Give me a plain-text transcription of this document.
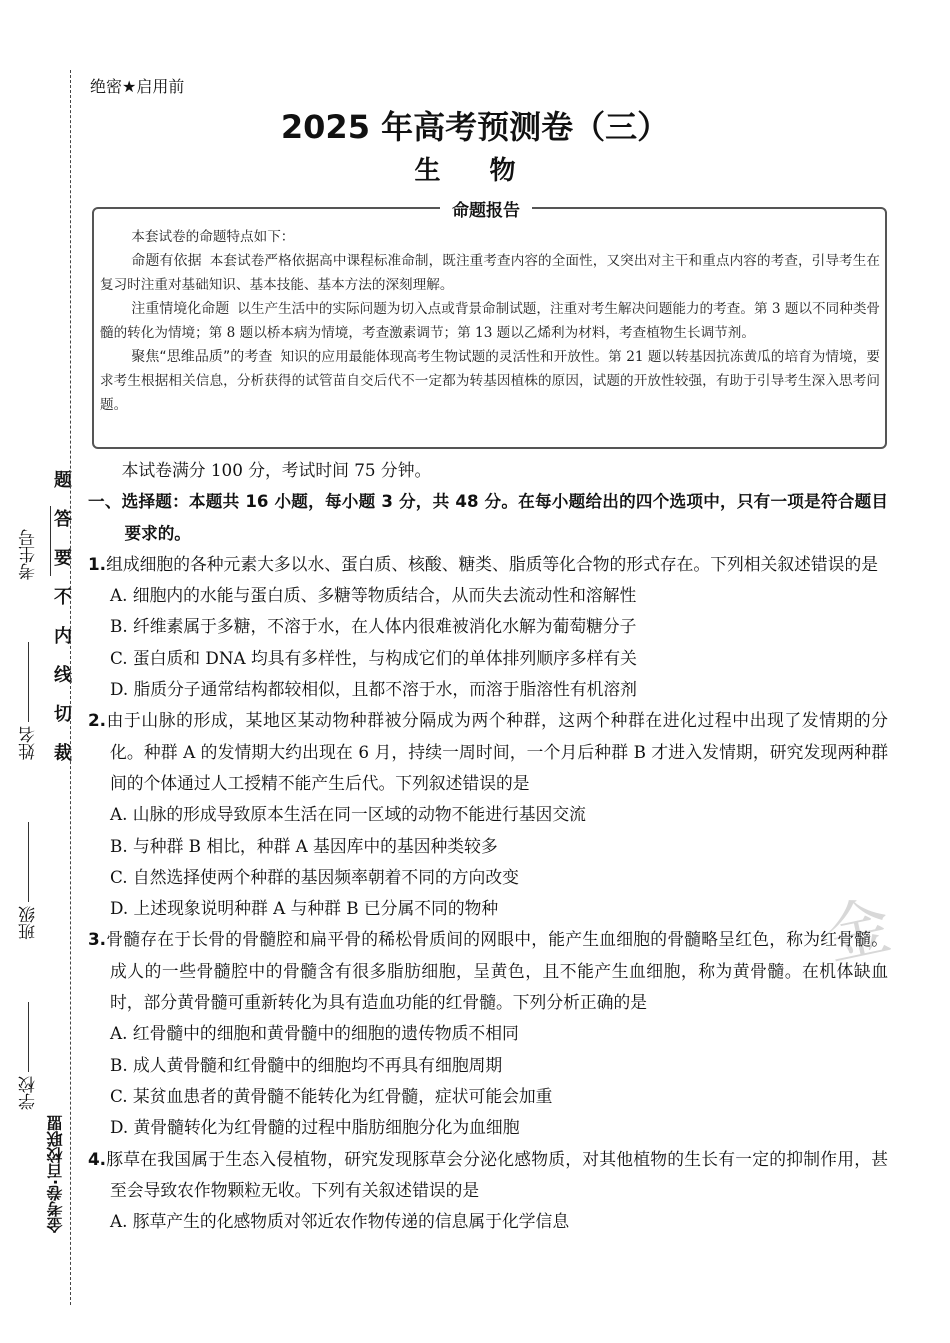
考生号
姓名
班级
学校
题答要不内线切裁
金考卷·百校联盟
金
绝密★启用前
2025 年高考预测卷（三）
生 物
命题报告

本套试卷的命题特点如下：

命题有依据 本套试卷严格依据高中课程标准命制，既注重考查内容的全面性，又突出对主干和重点内容的考查，引导考生在复习时注重对基础知识、基本技能、基本方法的深刻理解。

注重情境化命题 以生产生活中的实际问题为切入点或背景命制试题，注重对考生解决问题能力的考查。第 3 题以不同种类骨髓的转化为情境；第 8 题以桥本病为情境，考查激素调节；第 13 题以乙烯利为材料，考查植物生长调节剂。

聚焦“思维品质”的考查 知识的应用最能体现高考生物试题的灵活性和开放性。第 21 题以转基因抗冻黄瓜的培育为情境，要求考生根据相关信息，分析获得的试管苗自交后代不一定都为转基因植株的原因，试题的开放性较强，有助于引导考生深入思考问题。

本试卷满分 100 分，考试时间 75 分钟。

一、选择题：本题共 16 小题，每小题 3 分，共 48 分。在每小题给出的四个选项中，只有一项是符合题目要求的。

1.组成细胞的各种元素大多以水、蛋白质、核酸、糖类、脂质等化合物的形式存在。下列相关叙述错误的是

A. 细胞内的水能与蛋白质、多糖等物质结合，从而失去流动性和溶解性

B. 纤维素属于多糖，不溶于水，在人体内很难被消化水解为葡萄糖分子

C. 蛋白质和 DNA 均具有多样性，与构成它们的单体排列顺序多样有关

D. 脂质分子通常结构都较相似，且都不溶于水，而溶于脂溶性有机溶剂

2.由于山脉的形成，某地区某动物种群被分隔成为两个种群，这两个种群在进化过程中出现了发情期的分化。种群 A 的发情期大约出现在 6 月，持续一周时间，一个月后种群 B 才进入发情期，研究发现两种群间的个体通过人工授精不能产生后代。下列叙述错误的是

A. 山脉的形成导致原本生活在同一区域的动物不能进行基因交流

B. 与种群 B 相比，种群 A 基因库中的基因种类较多

C. 自然选择使两个种群的基因频率朝着不同的方向改变

D. 上述现象说明种群 A 与种群 B 已分属不同的物种

3.骨髓存在于长骨的骨髓腔和扁平骨的稀松骨质间的网眼中，能产生血细胞的骨髓略呈红色，称为红骨髓。成人的一些骨髓腔中的骨髓含有很多脂肪细胞，呈黄色，且不能产生血细胞，称为黄骨髓。在机体缺血时，部分黄骨髓可重新转化为具有造血功能的红骨髓。下列分析正确的是

A. 红骨髓中的细胞和黄骨髓中的细胞的遗传物质不相同

B. 成人黄骨髓和红骨髓中的细胞均不再具有细胞周期

C. 某贫血患者的黄骨髓不能转化为红骨髓，症状可能会加重

D. 黄骨髓转化为红骨髓的过程中脂肪细胞分化为血细胞

4.豚草在我国属于生态入侵植物，研究发现豚草会分泌化感物质，对其他植物的生长有一定的抑制作用，甚至会导致农作物颗粒无收。下列有关叙述错误的是

A. 豚草产生的化感物质对邻近农作物传递的信息属于化学信息
